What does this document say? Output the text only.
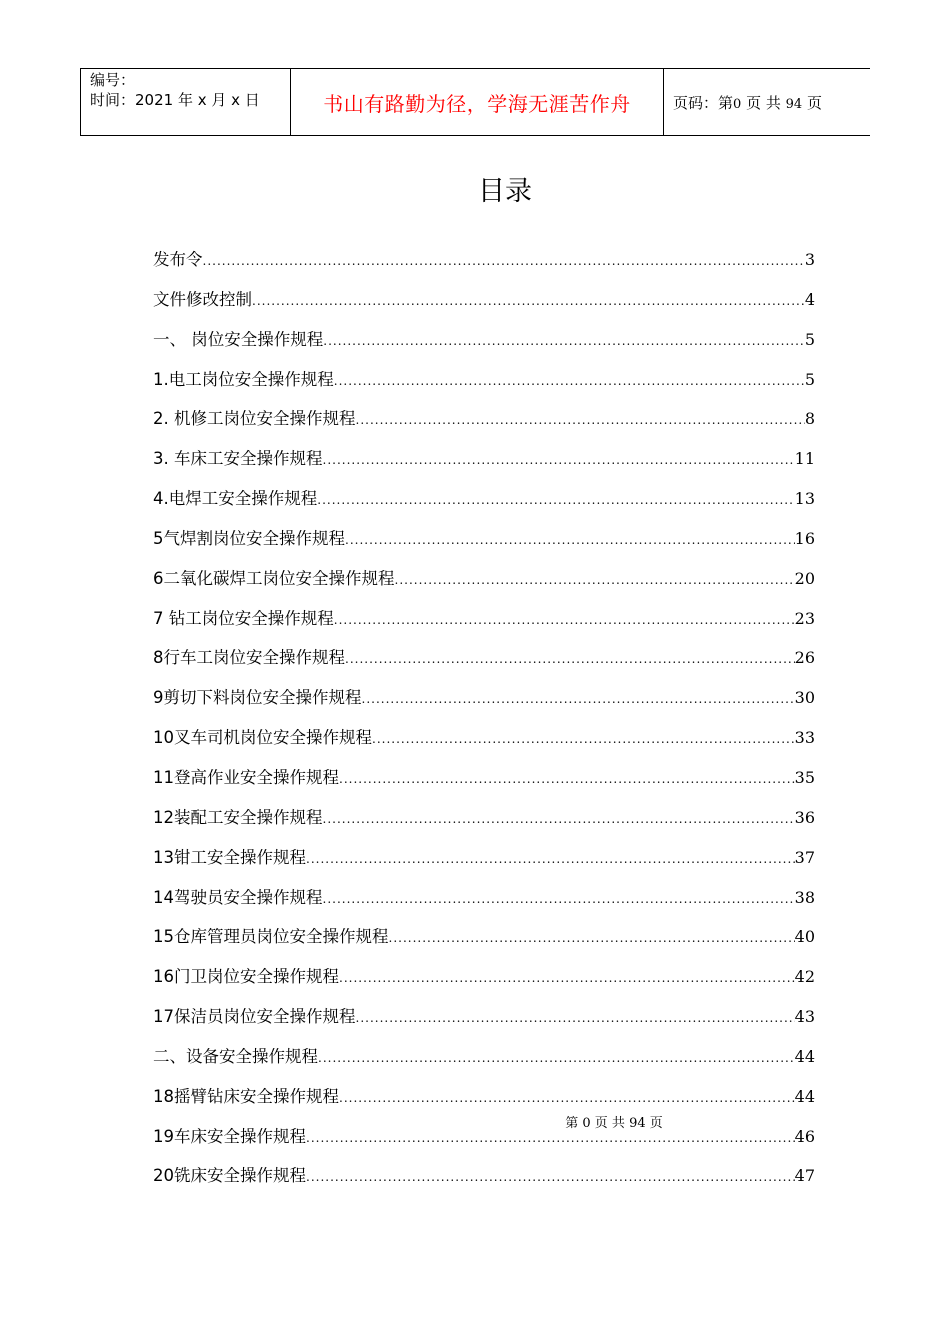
编号：
时间：2021 年 x 月 x 日	书山有路勤为径，学海无涯苦作舟	页码：第0 页 共 94 页
目录
发布令 .....	3
文件修改控制 .....	4
一、 岗位安全操作规程 .....	5
1.电工岗位安全操作规程 .....	5
2. 机修工岗位安全操作规程 .....	8
3. 车床工安全操作规程 .....	11
4.电焊工安全操作规程 .....	13
5气焊割岗位安全操作规程 .....	16
6二氧化碳焊工岗位安全操作规程 .....	20
7 钻工岗位安全操作规程 .....	23
8行车工岗位安全操作规程 .....	26
9剪切下料岗位安全操作规程 .....	30
10叉车司机岗位安全操作规程 .....	33
11登高作业安全操作规程 .....	35
12装配工安全操作规程 .....	36
13钳工安全操作规程 .....	37
14驾驶员安全操作规程 .....	38
15仓库管理员岗位安全操作规程 .....	40
16门卫岗位安全操作规程 .....	42
17保洁员岗位安全操作规程 .....	43
二、设备安全操作规程 .....	44
18摇臂钻床安全操作规程 .....	44
19车床安全操作规程 .....	46
20铣床安全操作规程 .....	47
第 0 页 共 94 页
